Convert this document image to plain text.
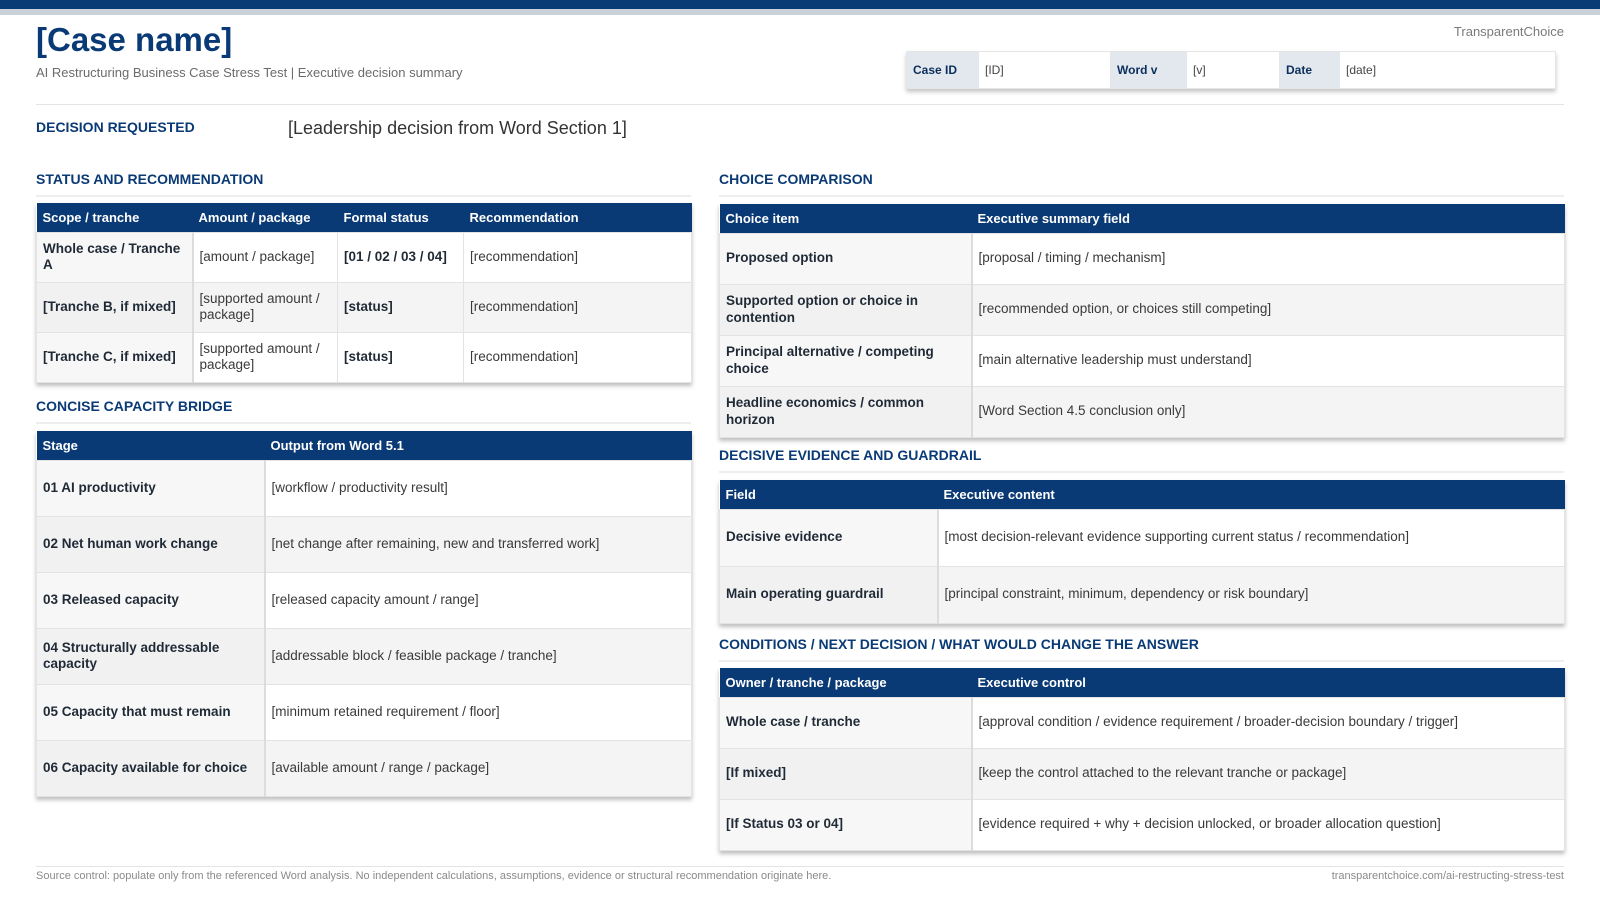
TransparentChoice
[Case name]
AI Restructuring Business Case Stress Test | Executive decision summary	Case ID	[ID]	Word v	[v]	Date	[date]
DECISION REQUESTED	[Leadership decision from Word Section 1]
STATUS AND RECOMMENDATION
Scope / tranche	Amount / package	Formal status	Recommendation
Whole case / Tranche A	[amount / package]	[01 / 02 / 03 / 04]	[recommendation]
[Tranche B, if mixed]	[supported amount / package]	[status]	[recommendation]
[Tranche C, if mixed]	[supported amount / package]	[status]	[recommendation]
CONCISE CAPACITY BRIDGE
Stage	Output from Word 5.1
01 AI productivity	[workflow / productivity result]
02 Net human work change	[net change after remaining, new and transferred work]
03 Released capacity	[released capacity amount / range]
04 Structurally addressable capacity	[addressable block / feasible package / tranche]
05 Capacity that must remain	[minimum retained requirement / floor]
06 Capacity available for choice	[available amount / range / package]
CHOICE COMPARISON
Choice item	Executive summary field
Proposed option	[proposal / timing / mechanism]
Supported option or choice in contention	[recommended option, or choices still competing]
Principal alternative / competing choice	[main alternative leadership must understand]
Headline economics / common horizon	[Word Section 4.5 conclusion only]
DECISIVE EVIDENCE AND GUARDRAIL
Field	Executive content
Decisive evidence	[most decision-relevant evidence supporting current status / recommendation]
Main operating guardrail	[principal constraint, minimum, dependency or risk boundary]
CONDITIONS / NEXT DECISION / WHAT WOULD CHANGE THE ANSWER
Owner / tranche / package	Executive control
Whole case / tranche	[approval condition / evidence requirement / broader-decision boundary / trigger]
[If mixed]	[keep the control attached to the relevant tranche or package]
[If Status 03 or 04]	[evidence required + why + decision unlocked, or broader allocation question]
Source control: populate only from the referenced Word analysis. No independent calculations, assumptions, evidence or structural recommendation originate here.	transparentchoice.com/ai-restructing-stress-test
